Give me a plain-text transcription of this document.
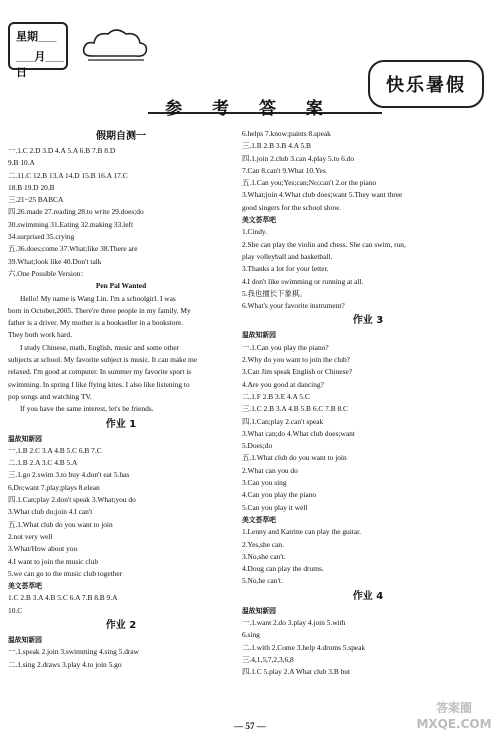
星期___
___月___日
快乐暑假
参 考 答 案
假期自测一
一.1.C 2.D 3.D 4.A 5.A 6.B 7.B 8.D
9.B 10.A
二.11.C 12.B 13.A 14.D 15.B 16.A 17.C
18.B 19.D 20.B
三.21~25 BABCA
四.26.made 27.reading 28.to write 29.does;do
30.swimming 31.Eating 32.making 33.left
34.surprised 35.crying
五.36.does;come 37.What;like 38.There are
39.What;look like 40.Don't talk
六.One Possible Version：
Pen Pal Wanted
Hello! My name is Wang Lin. I'm a schoolgirl. I was
born in October,2005. There're three people in my family. My
father is a driver. My mother is a bookseller in a bookstore.
They both work hard.
I study Chinese, math, English, music and some other
subjects at school. My favorite subject is music. It can make me
relaxed. I'm good at computer. In summer my favorite sport is
swimming. In spring I like flying kites. I also like listening to
pop songs and watching TV.
If you have the same interest, let's be friends.
作业 1
温故知新园
一.1.B 2.C 3.A 4.B 5.C 6.B 7.C
二.1.B 2.A 3.C 4.B 5.A
三.1.go 2.swim 3.to buy 4.don't eat 5.has
6.Do;want 7.play;plays 8.elean
四.1.Can;play 2.don't speak 3.What;you do
3.What club do;join 4.I can't
五.1.What club do you want to join
2.not very well
3.What/How about you
4.I want to join the music club
5.we can go to the music club together
美文荟萃吧
1.C 2.B 3.A 4.B 5.C 6.A 7.B 8.B 9.A
10.C
作业 2
温故知新园
一.1.speak 2.join 3.swimming 4.sing 5.draw
二.1.sing 2.draws 3.play 4.to join 5.go
6.helps 7.know;paints 8.speak
三.1.B 2.B 3.B 4.A 5.B
四.1.join 2.club 3.can 4.play 5.to 6.do
7.Can 8.can't 9.What 10.Yes
五.1.Can you;Yes;can;No;can't 2.or the piano
3.What;join 4.What club does;want 5.They want three
good singers for the school show.
美文荟萃吧
1.Cindy.
2.She can play the violin and chess. She can swim, run,
play volleyball and basketball.
3.Thanks a lot for your letter.
4.I don't like swimming or running at all.
5.我也擅长下象棋。
6.What's your favorite instrument?
作业 3
温故知新园
一.1.Can you play the piano?
2.Why do you want to join the club?
3.Can Jim speak English or Chinese?
4.Are you good at dancing?
二.1.F 2.B 3.E 4.A 5.C
三.1.C 2.B 3.A 4.B 5.B 6.C 7.B 8.C
四.1.Can;play 2.can't speak
3.What can;do 4.What club does;want
5.Does;do
五.1.What club do you want to join
2.What can you do
3.Can you sing
4.Can you play the piano
5.Can you play it well
美文荟萃吧
1.Lenny and Katrine can play the guitar.
2.Yes,she can.
3.No,she can't.
4.Doug can play the drums.
5.No,he can't.
作业 4
温故知新园
一.1.want 2.do 3.play 4.join 5.with
6.sing
二.1.with 2.Come 3.help 4.drums 5.speak
三.4,1,5,7,2,3,6,8
四.1.C 5.play 2.A What club 3.B but
— 57 —
答案圈 MXQE.COM
